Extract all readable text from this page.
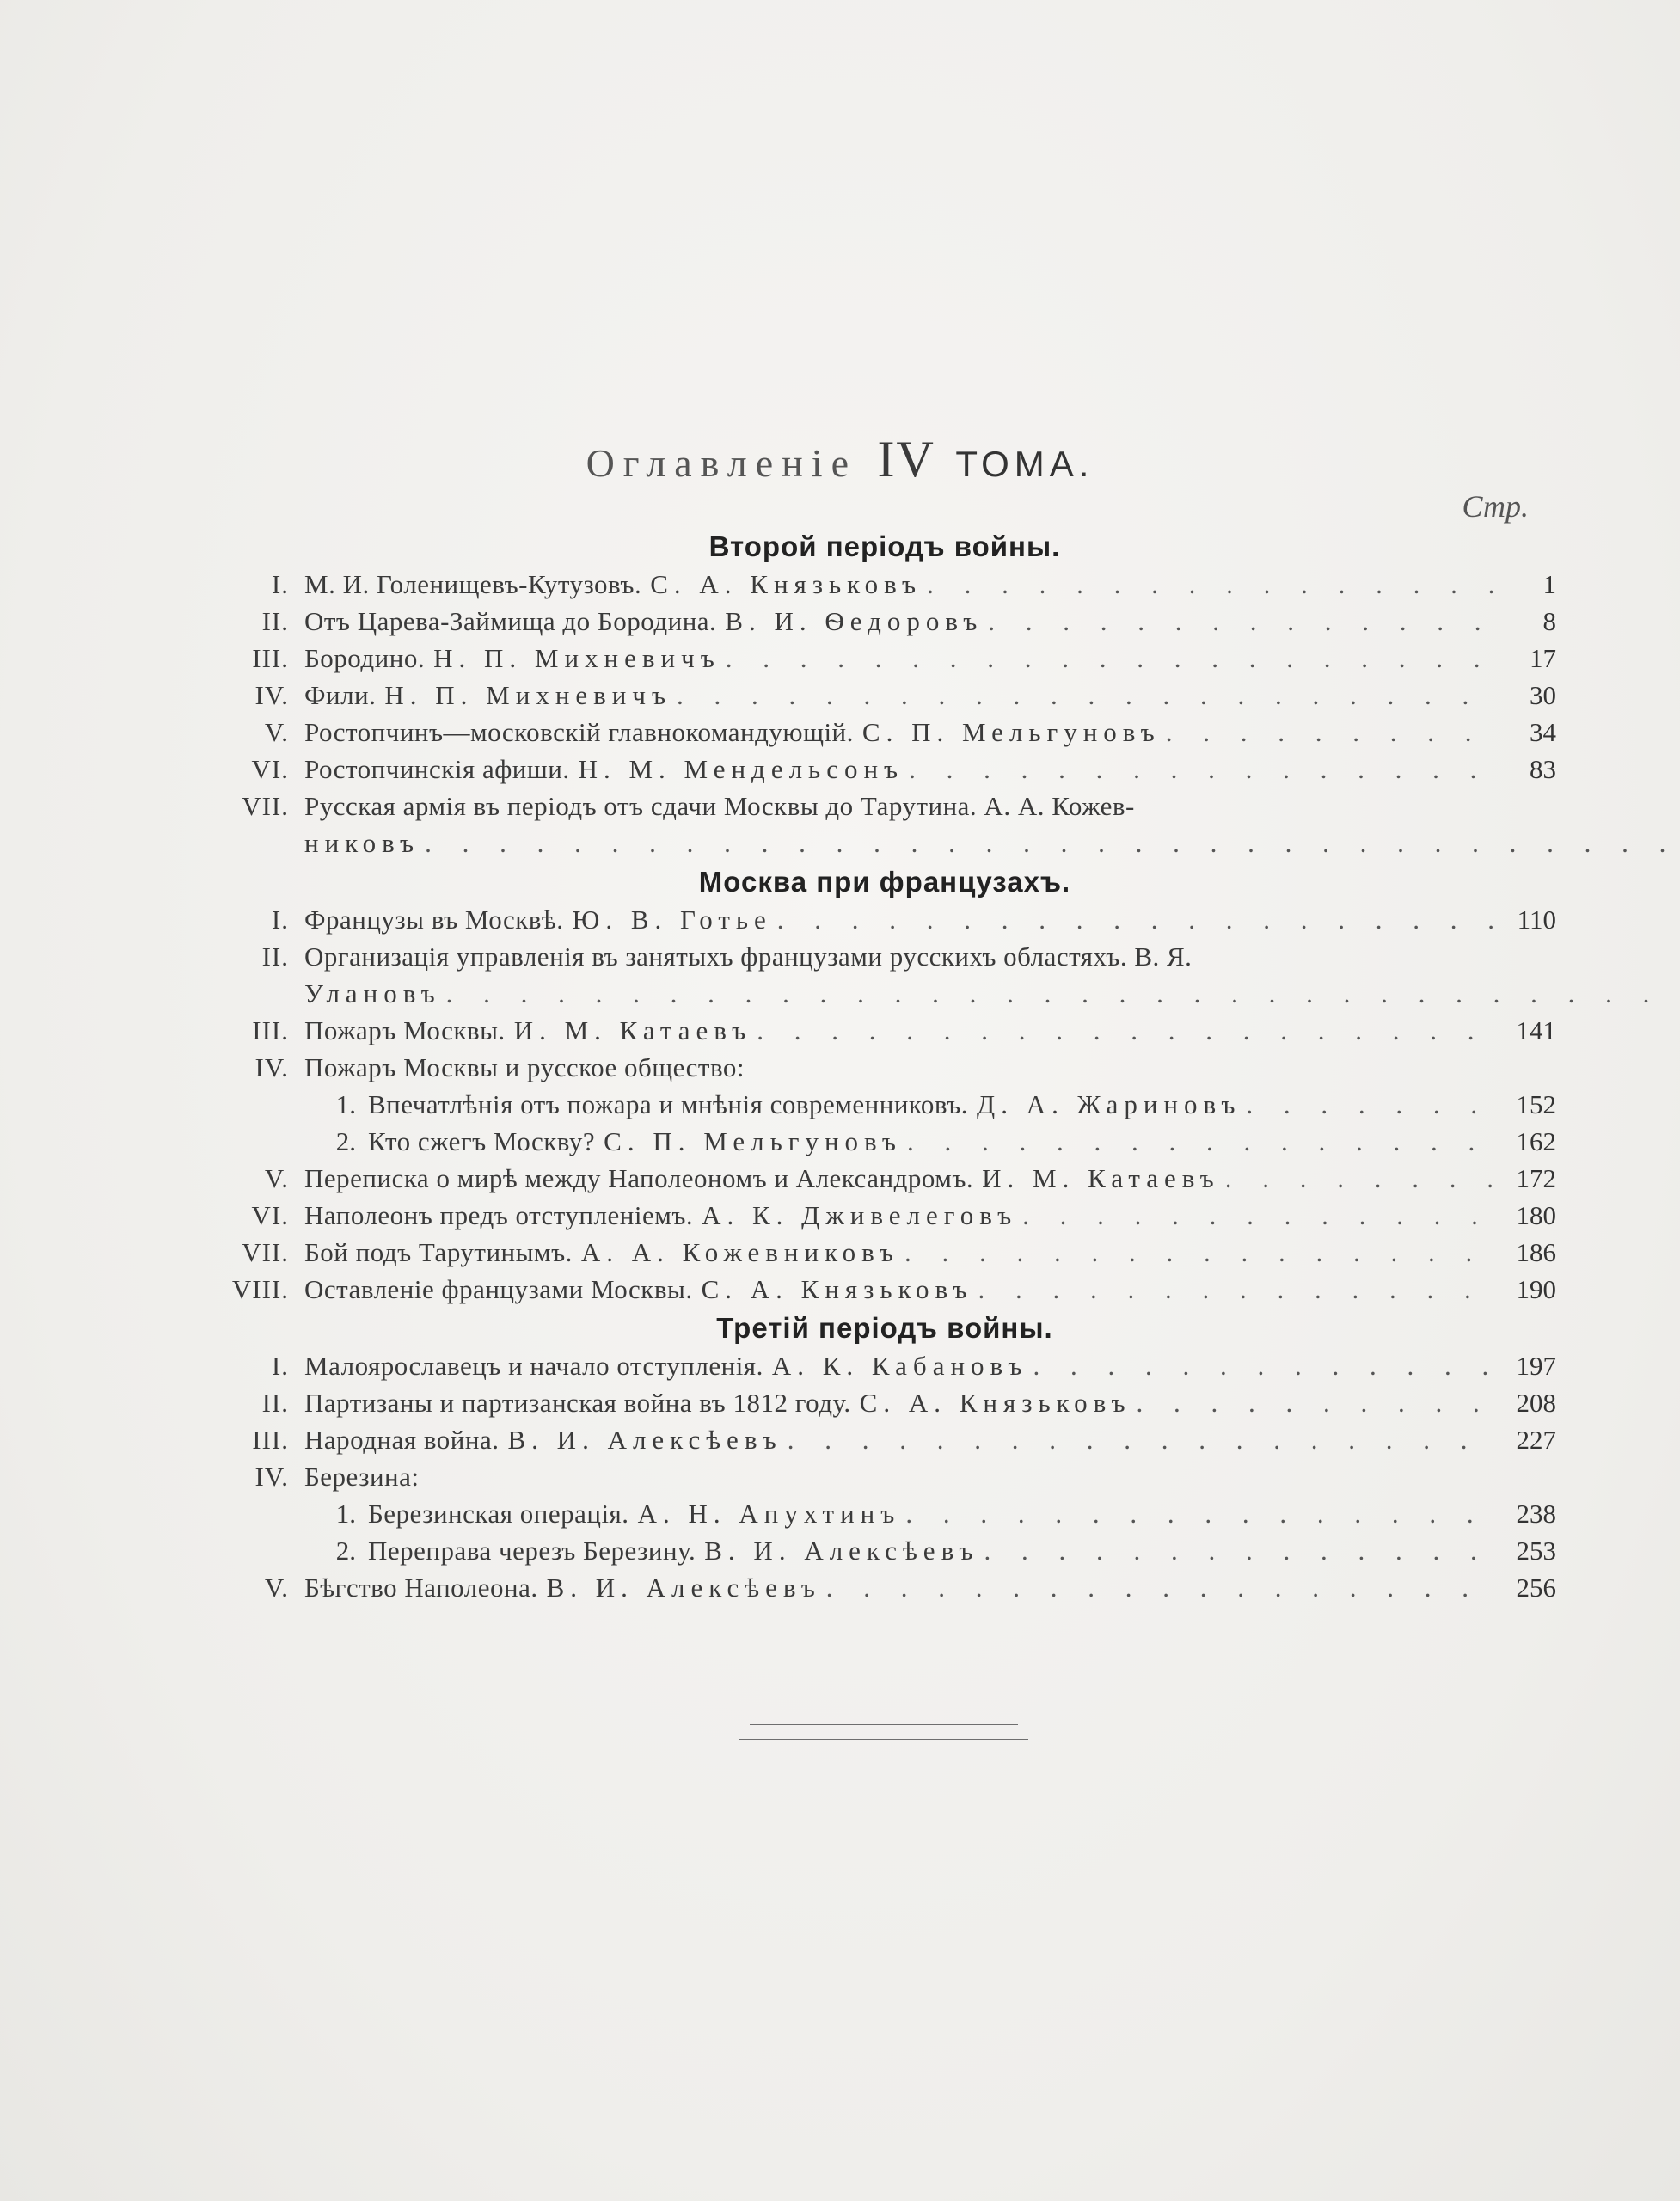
Оглавленіе IV ТОМА.
Стр.
Второй періодъ войны.
I. М. И. Голенищевъ-Кутузовъ. С. А. Князьковъ . . .	1
II. Отъ Царева-Займища до Бородина. В. И. Ѳедоровъ . . .	8
III. Бородино. Н. П. Михневичъ . . .	17
IV. Фили. Н. П. Михневичъ . . .	30
V. Ростопчинъ—московскій главнокомандующій. С. П. Мельгуновъ . . .	34
VI. Ростопчинскія афиши. Н. М. Мендельсонъ . . .	83
VII. Русская армія въ періодъ отъ сдачи Москвы до Тарутина. А. А. Кожев-
никовъ
. . .
Москва при французахъ.
I. Французы въ Москвѣ. Ю. В. Готье . . .	110
II. Организація управленія въ занятыхъ французами русскихъ областяхъ. В. Я.
Улановъ
. . .
III. Пожаръ Москвы. И. М. Катаевъ . . .	141
IV. Пожаръ Москвы и русское общество:
1. Впечатлѣнія отъ пожара и мнѣнія современниковъ. Д. А. Жариновъ . . .	152
2. Кто сжегъ Москву? С. П. Мельгуновъ . . .	162
V. Переписка о мирѣ между Наполеономъ и Александромъ. И. М. Катаевъ . . .	172
VI. Наполеонъ предъ отступленіемъ. А. К. Дживелеговъ . . .	180
VII. Бой подъ Тарутинымъ. А. А. Кожевниковъ . . .	186
VIII. Оставленіе французами Москвы. С. А. Князьковъ . . .	190
Третій періодъ войны.
I. Малоярославецъ и начало отступленія. А. К. Кабановъ . . .	197
II. Партизаны и партизанская война въ 1812 году. С. А. Князьковъ . . .	208
III. Народная война. В. И. Алексѣевъ . . .	227
IV. Березина:
1. Березинская операція. А. Н. Апухтинъ . . .	238
2. Переправа черезъ Березину. В. И. Алексѣевъ . . .	253
V. Бѣгство Наполеона. В. И. Алексѣевъ . . .	256
